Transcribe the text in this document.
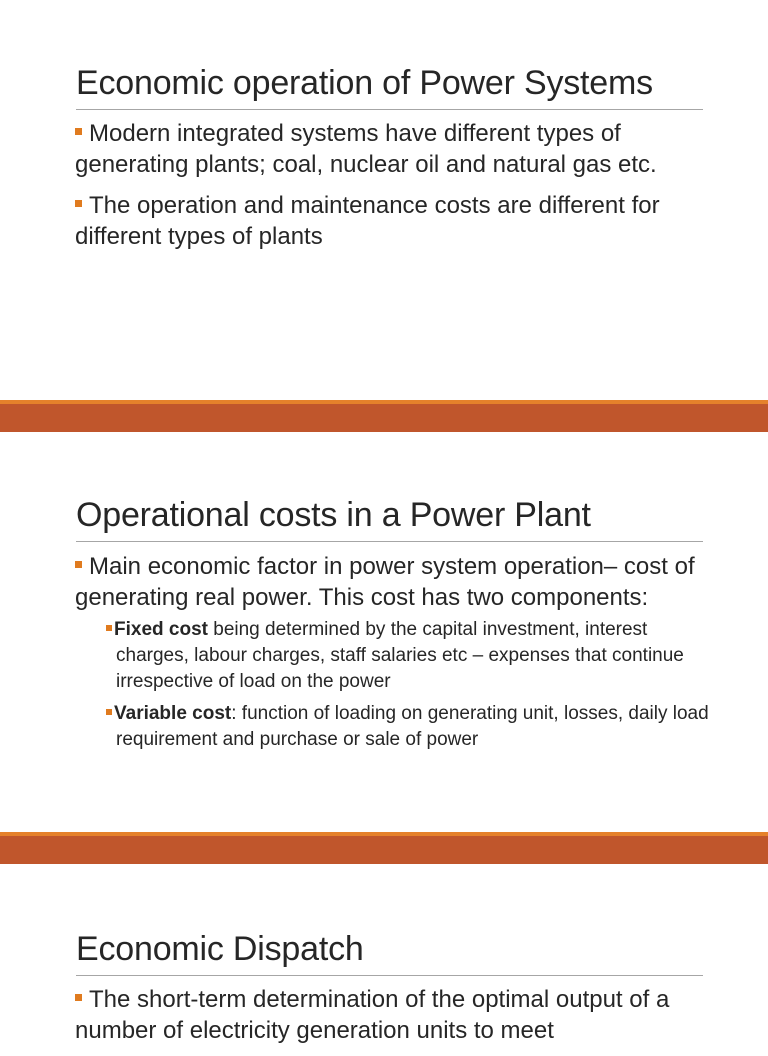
Economic operation of Power Systems
Modern integrated systems have different types of generating plants; coal, nuclear oil and natural gas etc.
The operation and maintenance costs are different for different types of plants
Operational costs in a Power Plant
Main economic factor in power system operation– cost of generating real power. This cost has two components:
Fixed cost being determined by the capital investment, interest charges, labour charges, staff salaries etc – expenses that continue irrespective of load on the power
Variable cost: function of loading on generating unit, losses, daily load requirement and purchase or sale of power
Economic Dispatch
The short-term determination of the optimal output of a number of electricity generation units to meet
